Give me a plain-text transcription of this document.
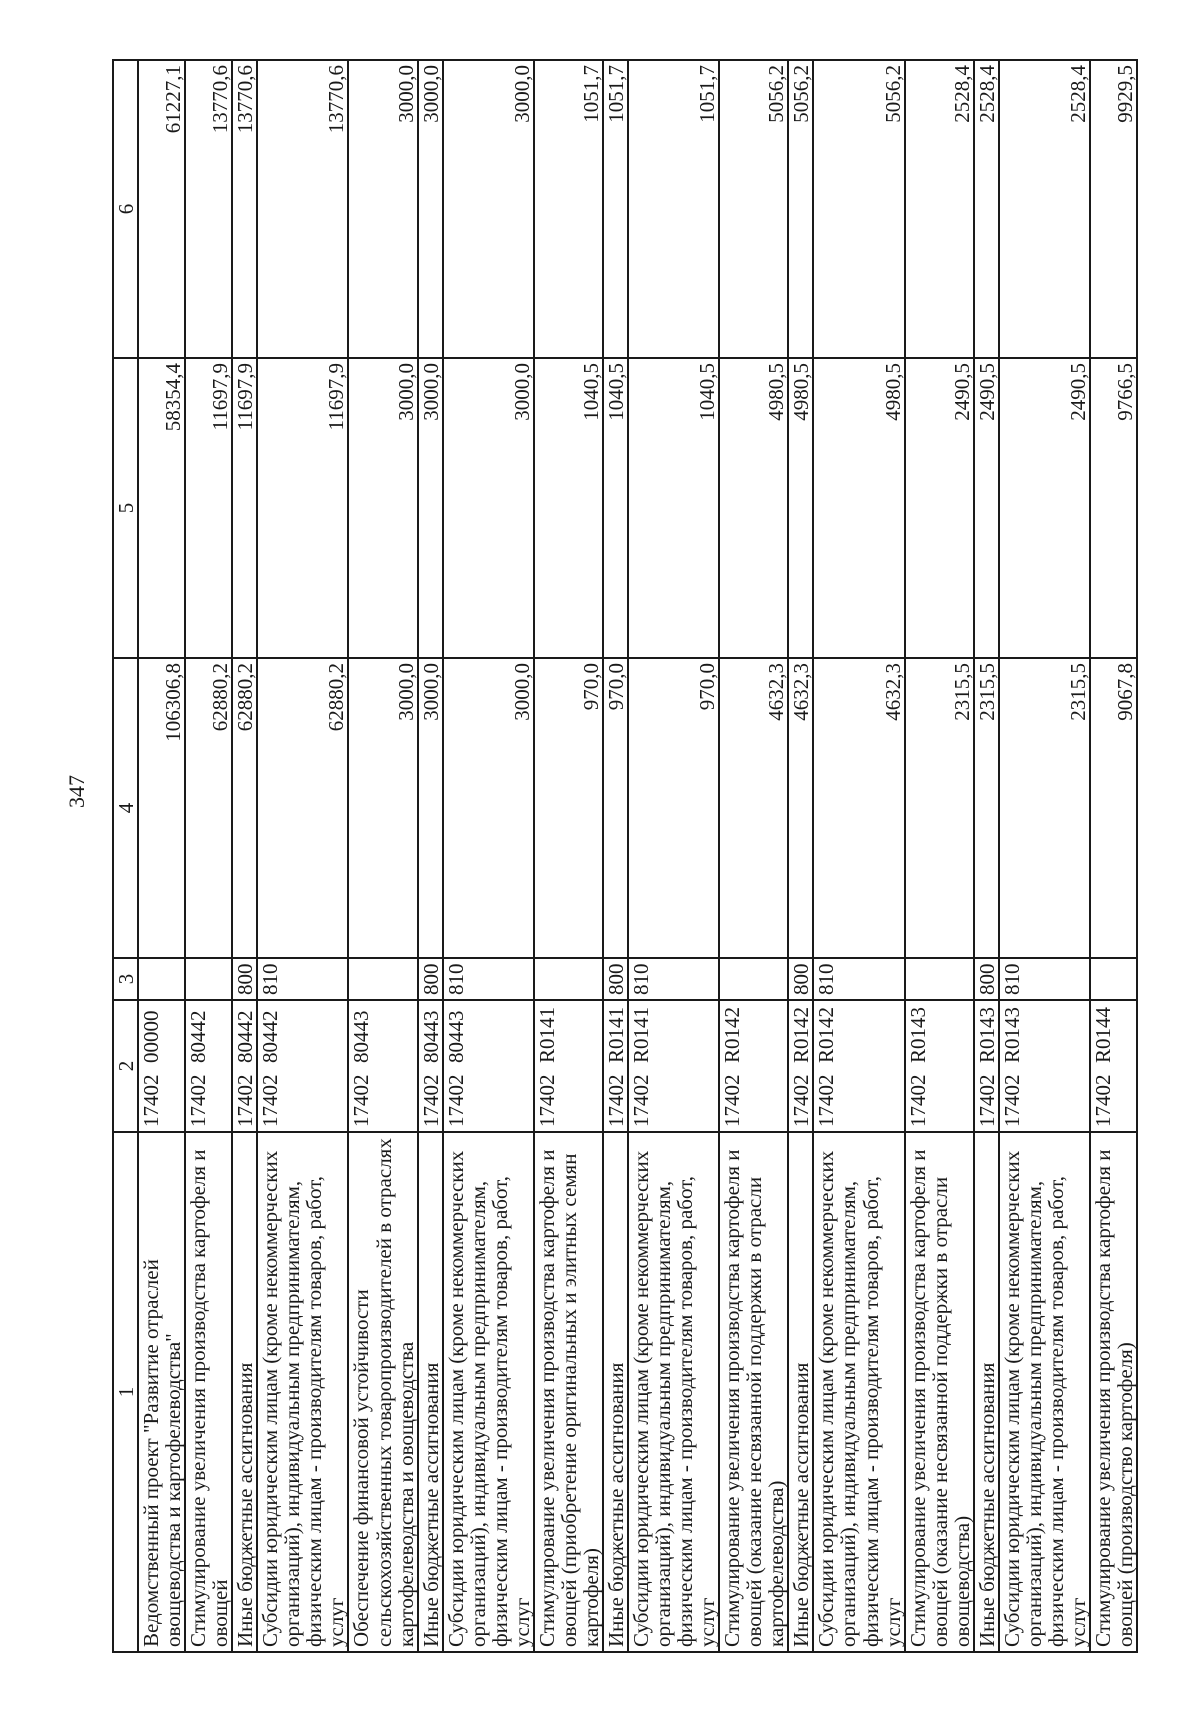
347
1	2	3	4	5	6
Ведомственный проект "Развитие отраслей овощеводства и картофелеводства"	1740200000		106306,8	58354,4	61227,1
Стимулирование увеличения производства картофеля и овощей	1740280442		62880,2	11697,9	13770,6
Иные бюджетные ассигнования	1740280442	800	62880,2	11697,9	13770,6
Субсидии юридическим лицам (кроме некоммерческих организаций), индивидуальным предпринимателям, физическим лицам - производителям товаров, работ, услуг	1740280442	810	62880,2	11697,9	13770,6
Обеспечение финансовой устойчивости сельскохозяйственных товаропроизводителей в отраслях картофелеводства и овощеводства	1740280443		3000,0	3000,0	3000,0
Иные бюджетные ассигнования	1740280443	800	3000,0	3000,0	3000,0
Субсидии юридическим лицам (кроме некоммерческих организаций), индивидуальным предпринимателям, физическим лицам - производителям товаров, работ, услуг	1740280443	810	3000,0	3000,0	3000,0
Стимулирование увеличения производства картофеля и овощей (приобретение оригинальных и элитных семян картофеля)	17402R0141		970,0	1040,5	1051,7
Иные бюджетные ассигнования	17402R0141	800	970,0	1040,5	1051,7
Субсидии юридическим лицам (кроме некоммерческих организаций), индивидуальным предпринимателям, физическим лицам - производителям товаров, работ, услуг	17402R0141	810	970,0	1040,5	1051,7
Стимулирование увеличения производства картофеля и овощей (оказание несвязанной поддержки в отрасли картофелеводства)	17402R0142		4632,3	4980,5	5056,2
Иные бюджетные ассигнования	17402R0142	800	4632,3	4980,5	5056,2
Субсидии юридическим лицам (кроме некоммерческих организаций), индивидуальным предпринимателям, физическим лицам - производителям товаров, работ, услуг	17402R0142	810	4632,3	4980,5	5056,2
Стимулирование увеличения производства картофеля и овощей (оказание несвязанной поддержки в отрасли овощеводства)	17402R0143		2315,5	2490,5	2528,4
Иные бюджетные ассигнования	17402R0143	800	2315,5	2490,5	2528,4
Субсидии юридическим лицам (кроме некоммерческих организаций), индивидуальным предпринимателям, физическим лицам - производителям товаров, работ, услуг	17402R0143	810	2315,5	2490,5	2528,4
Стимулирование увеличения производства картофеля и овощей (производство картофеля)	17402R0144		9067,8	9766,5	9929,5
